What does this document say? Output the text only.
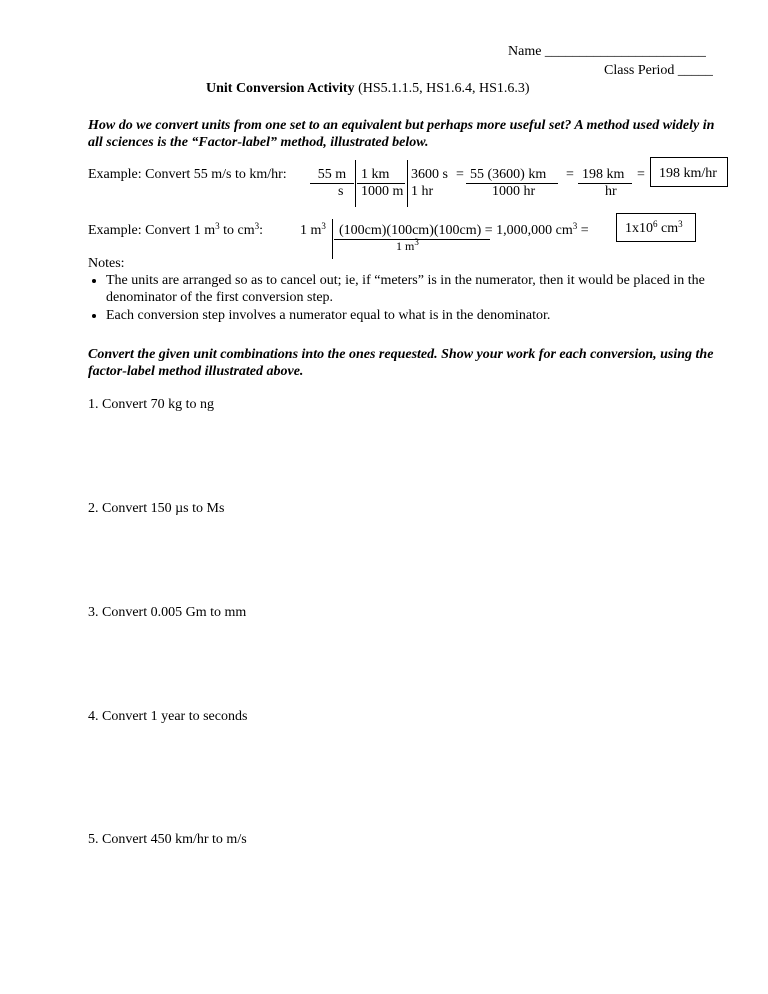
Name _______________________
Class Period _____
Unit Conversion Activity (HS5.1.1.5, HS1.6.4, HS1.6.3)
How do we convert units from one set to an equivalent but perhaps more useful set? A method used widely in all sciences is the “Factor-label” method, illustrated below.
Example: Convert 55 m/s to km/hr:	55 m
s
1 km
1000 m
3600 s
1 hr
= 55 (3600) km
1000 hr
= 198 km
hr
= 198 km/hr
Example: Convert 1 $m^3$ to $cm^3$:	1 $m^3$ (100cm)(100cm)(100cm) = 1,000,000 $cm^3$ =
1 $m^3$
$1x10^6$ $cm^3$
Notes:
• The units are arranged so as to cancel out; ie, if “meters” is in the numerator, then it would be placed in the denominator of the first conversion step.
• Each conversion step involves a numerator equal to what is in the denominator.
Convert the given unit combinations into the ones requested. Show your work for each conversion, using the factor-label method illustrated above.
1. Convert 70 kg to ng
2. Convert 150 µs to Ms
3. Convert 0.005 Gm to mm
4. Convert 1 year to seconds
5. Convert 450 km/hr to m/s
